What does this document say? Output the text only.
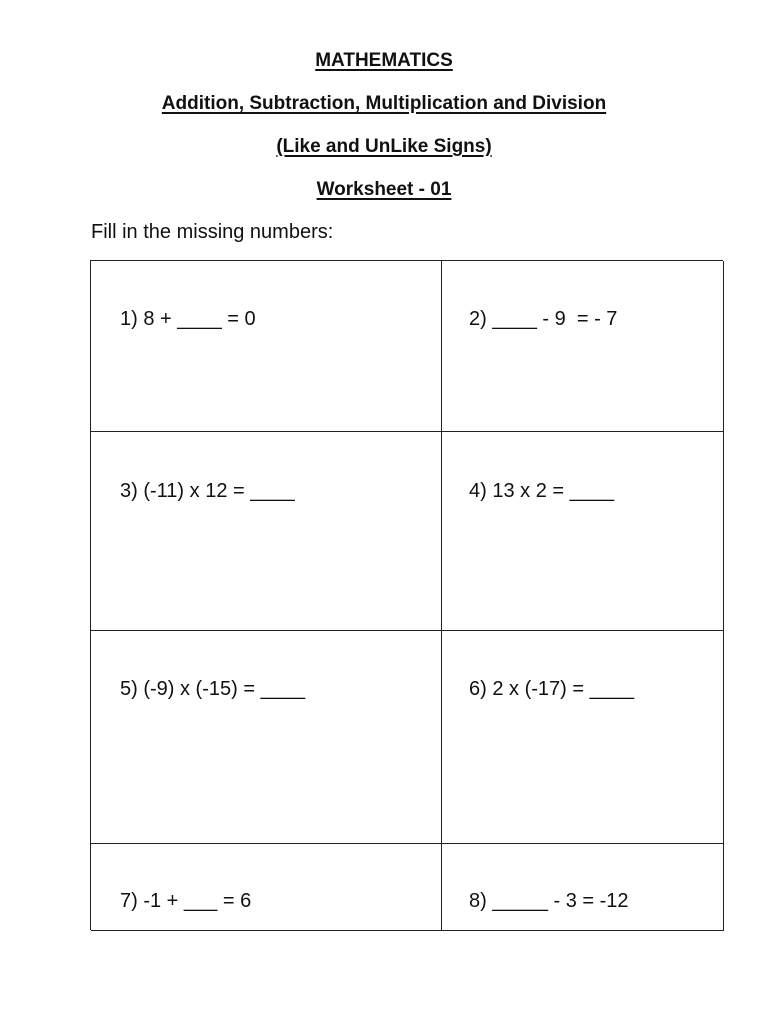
MATHEMATICS
Addition, Subtraction, Multiplication and Division
(Like and UnLike Signs)
Worksheet - 01
Fill in the missing numbers:
1) 8 + ____ = 0	2) ____ - 9  = - 7
3) (-11) x 12 = ____	4) 13 x 2 = ____
5) (-9) x (-15) = ____	6) 2 x (-17) = ____
7) -1 + ___ = 6	8) _____ - 3 = -12
